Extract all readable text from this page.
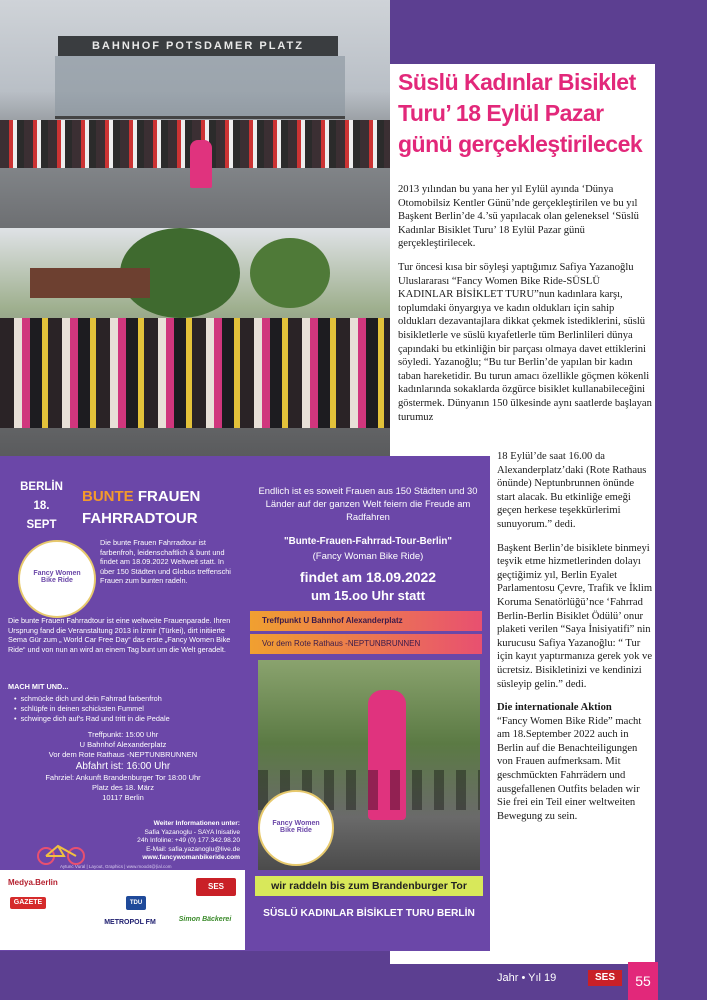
BAHNHOF POTSDAMER PLATZ
Süslü Kadınlar Bisiklet Turu’ 18 Eylül Pazar günü gerçekleştirilecek

2013 yılından bu yana her yıl Eylül ayında ‘Dünya Otomobilsiz Kentler Günü’nde gerçekleştirilen ve bu yıl Başkent Berlin’de 4.’sü yapılacak olan geleneksel ‘Süslü Kadınlar Bisiklet Turu’ 18 Eylül Pazar günü gerçekleştirilecek.

Tur öncesi kısa bir söyleşi yaptığımız Safiya Yazanoğlu Uluslararası “Fancy Women Bike Ride-SÜSLÜ KADINLAR BİSİKLET TURU”nun kadınlara karşı, toplumdaki önyargıya ve kadın oldukları için sahip oldukları dezavantajlara dikkat çekmek istediklerini, süslü bisikletlerle ve süslü kıyafetlerle tüm Berlinlileri dünya çapındaki bu etkinliğin bir parçası olmaya davet ettiklerini söyledi. Yazanoğlu; “Bu tur Berlin’de yapılan bir kadın taban hareketidir. Bu turun amacı özellikle göçmen kökenli kadınlarında sokaklarda özgürce bisiklet kullanabileceğini göstermek. Dünyanın 150 ülkesinde aynı saatlerde başlayan turumuz

18 Eylül’de saat 16.00 da Alexanderplatz’daki (Rote Rathaus önünde) Neptunbrunnen önünde start alacak. Bu etkinliğe emeği geçen herkese teşekkürlerimi sunuyorum.” dedi.

Başkent Berlin’de bisiklete binmeyi teşvik etme hizmetlerinden dolayı geçtiğimiz yıl, Berlin Eyalet Parlamentosu Çevre, Trafik ve İklim Koruma Senatörlüğü’nce ‘Fahrrad Berlin-Berlin Bisiklet Ödülü’ onur plaketi verilen “Saya İnisiyatifi” nin kurucusu Safiya Yazanoğlu: “ Tur için kayıt yaptırmanıza gerek yok ve ücretsiz. Bisikletinizi ve kendinizi süsleyip gelin.” dedi.

Die internationale Aktion
“Fancy Women Bike Ride” macht am 18.September 2022 auch in Berlin auf die Benachteiligungen von Frauen aufmerksam. Mit geschmückten Fahrrädern und ausgefallenen Outfits beladen wir Sie frei ein Teil einer weltweiten Bewegung zu sein.

BERLİN
18.
SEPT
BUNTE FRAUEN
FAHRRADTOUR
Fancy Women Bike Ride
Die bunte Frauen Fahrradtour ist farbenfroh, leidenschaftlich & bunt und findet am 18.09.2022 Weltweit statt. In über 150 Städten und Globus treffenschi Frauen zum bunten radeln.
Die bunte Frauen Fahrradtour ist eine weltweite Frauenparade. Ihren Ursprung fand die Veranstaltung 2013 in İzmir (Türkei), dirt initiierte Sema Gür zum „ World Car Free Day“ das erste „Fancy Women Bike Ride“ und von nun an wird an einem Tag bunt um die Welt geradelt.
MACH MIT UND...
•  schmücke dich und dein Fahrrad farbenfroh
•  schlüpfe in deinen schicksten Fummel
•  schwinge dich auf's Rad und tritt in die Pedale
Treffpunkt: 15:00 Uhr
U Bahnhof Alexanderplatz
Vor dem Rote Rathaus -NEPTUNBRUNNEN
Abfahrt ist: 16:00 Uhr
Fahrziel: Ankunft Brandenburger Tor 18:00 Uhr
Platz des 18. März
10117 Berlin
Weiter Informationen unter:
Safia Yazanoglu - SAYA Inisative
24h Infoline: +49 (0) 177.342.98.20
E-Mail: safia.yazanoglu@live.de
www.fancywomanbikeride.com
Aytunc Vural | Layout, Graphics | www.mood4@(ial.com
Endlich ist es soweit Frauen aus 150 Städten und 30 Länder auf der ganzen Welt feiern die Freude am Radfahren
"Bunte-Frauen-Fahrrad-Tour-Berlin"
(Fancy Woman Bike Ride)
findet am 18.09.2022
um 15.oo Uhr statt
Treffpunkt U Bahnhof Alexanderplatz
Vor dem Rote Rathaus -NEPTUNBRUNNEN
Fancy Women Bike Ride
wir raddeln bis zum Brandenburger Tor
SÜSLÜ KADINLAR BİSİKLET TURU BERLİN
Medya.Berlin	SES
GAZETE	TDU
METROPOL FM	Simon Bäckerei
Jahr • Yıl 19	SES	55
